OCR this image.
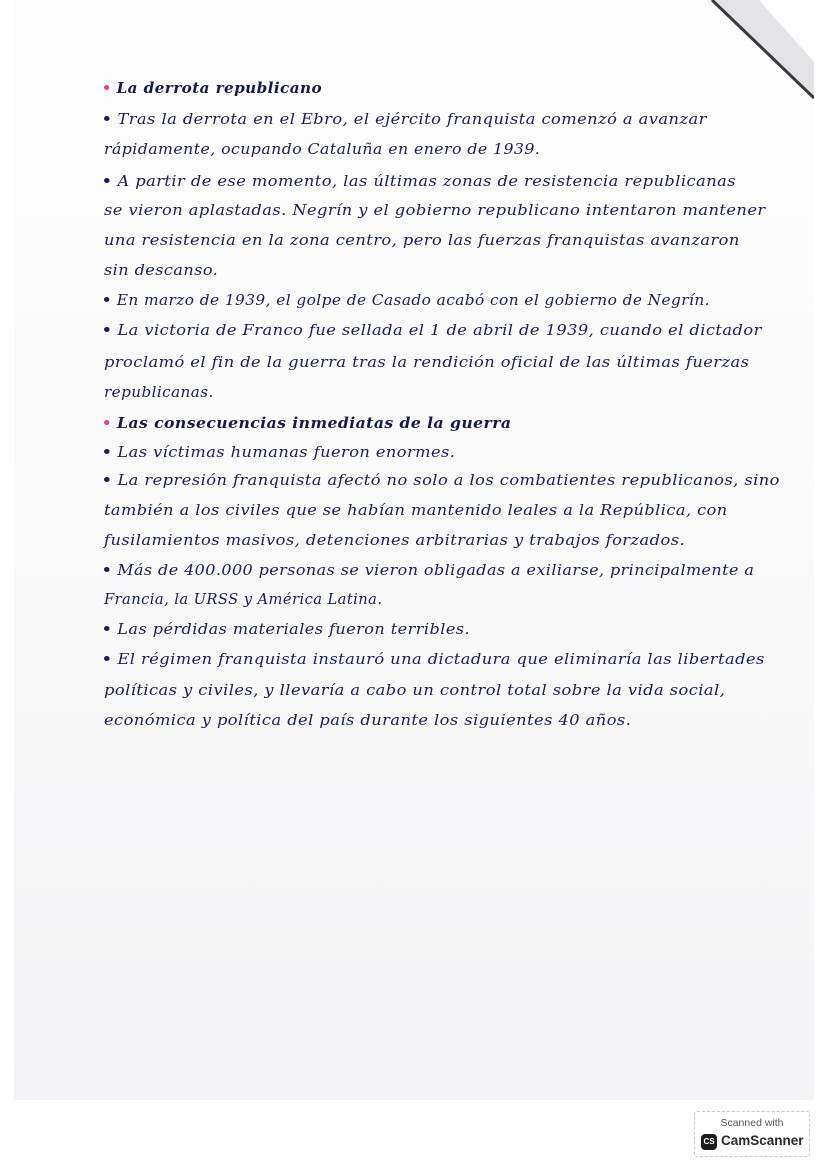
La derrota republicano
Tras la derrota en el Ebro, el ejército franquista comenzó a avanzar
rápidamente, ocupando Cataluña en enero de 1939.
A partir de ese momento, las últimas zonas de resistencia republicanas
se vieron aplastadas. Negrín y el gobierno republicano intentaron mantener
una resistencia en la zona centro, pero las fuerzas franquistas avanzaron
sin descanso.
En marzo de 1939, el golpe de Casado acabó con el gobierno de Negrín.
La victoria de Franco fue sellada el 1 de abril de 1939, cuando el dictador
proclamó el fin de la guerra tras la rendición oficial de las últimas fuerzas
republicanas.
Las consecuencias inmediatas de la guerra
Las víctimas humanas fueron enormes.
La represión franquista afectó no solo a los combatientes republicanos, sino
también a los civiles que se habían mantenido leales a la República, con
fusilamientos masivos, detenciones arbitrarias y trabajos forzados.
Más de 400.000 personas se vieron obligadas a exiliarse, principalmente a
Francia, la URSS y América Latina.
Las pérdidas materiales fueron terribles.
El régimen franquista instauró una dictadura que eliminaría las libertades
políticas y civiles, y llevaría a cabo un control total sobre la vida social,
económica y política del país durante los siguientes 40 años.
Scanned with
CS CamScanner
